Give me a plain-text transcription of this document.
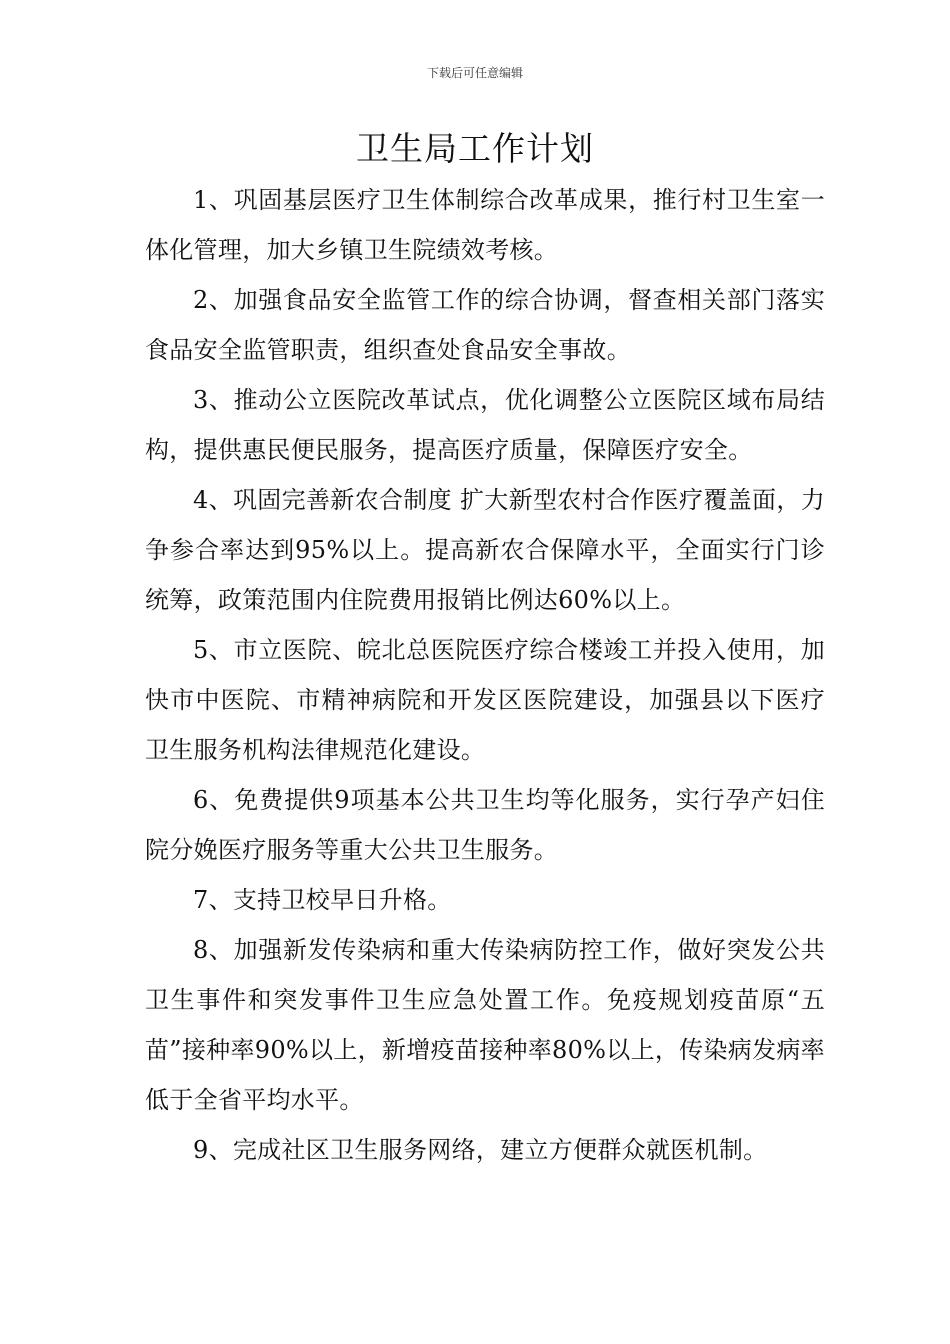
下载后可任意编辑
卫生局工作计划

1、巩固基层医疗卫生体制综合改革成果，推行村卫生室一体化管理，加大乡镇卫生院绩效考核。

2、加强食品安全监管工作的综合协调，督查相关部门落实食品安全监管职责，组织查处食品安全事故。

3、推动公立医院改革试点，优化调整公立医院区域布局结构，提供惠民便民服务，提高医疗质量，保障医疗安全。

4、巩固完善新农合制度 扩大新型农村合作医疗覆盖面，力争参合率达到95%以上。提高新农合保障水平，全面实行门诊统筹，政策范围内住院费用报销比例达60%以上。

5、市立医院、皖北总医院医疗综合楼竣工并投入使用，加快市中医院、市精神病院和开发区医院建设，加强县以下医疗卫生服务机构法律规范化建设。

6、免费提供9项基本公共卫生均等化服务，实行孕产妇住院分娩医疗服务等重大公共卫生服务。

7、支持卫校早日升格。

8、加强新发传染病和重大传染病防控工作，做好突发公共卫生事件和突发事件卫生应急处置工作。免疫规划疫苗原“五苗”接种率90%以上，新增疫苗接种率80%以上，传染病发病率低于全省平均水平。

9、完成社区卫生服务网络，建立方便群众就医机制。
